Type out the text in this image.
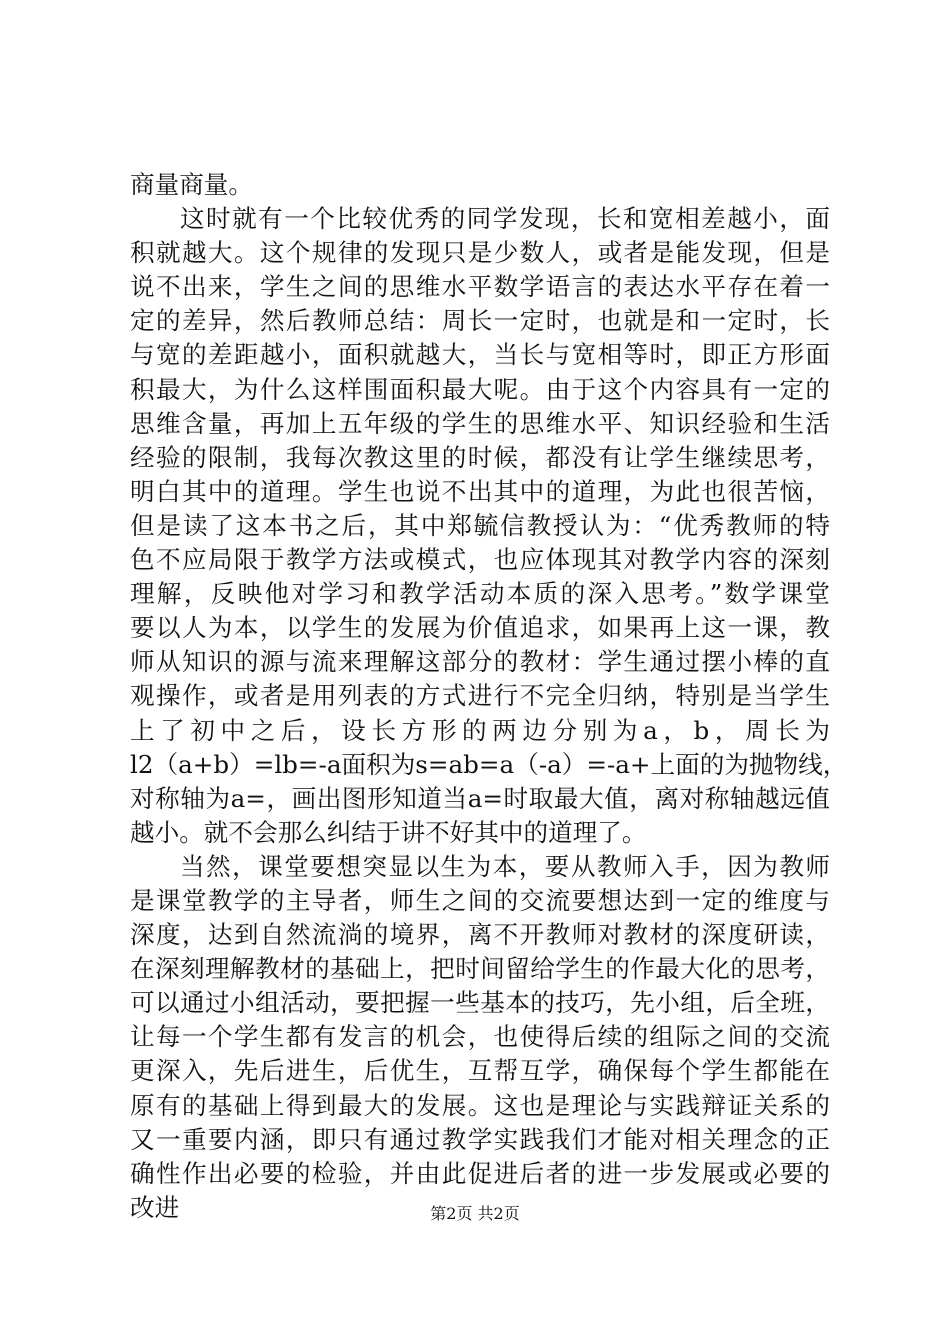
商量商量。
这时就有一个比较优秀的同学发现，长和宽相差越小，面
积就越大。这个规律的发现只是少数人，或者是能发现，但是
说不出来，学生之间的思维水平数学语言的表达水平存在着一
定的差异，然后教师总结：周长一定时，也就是和一定时，长
与宽的差距越小，面积就越大，当长与宽相等时，即正方形面
积最大，为什么这样围面积最大呢。由于这个内容具有一定的
思维含量，再加上五年级的学生的思维水平、知识经验和生活
经验的限制，我每次教这里的时候，都没有让学生继续思考，
明白其中的道理。学生也说不出其中的道理，为此也很苦恼，
但是读了这本书之后，其中郑毓信教授认为：“优秀教师的特
色不应局限于教学方法或模式，也应体现其对教学内容的深刻
理解，反映他对学习和教学活动本质的深入思考。”数学课堂
要以人为本，以学生的发展为价值追求，如果再上这一课，教
师从知识的源与流来理解这部分的教材：学生通过摆小棒的直
观操作，或者是用列表的方式进行不完全归纳，特别是当学生
上了初中之后，设长方形的两边分别为a，b，周长为
l2（a+b）=lb=-a面积为s=ab=a（-a）=-a+上面的为抛物线，
对称轴为a=，画出图形知道当a=时取最大值，离对称轴越远值
越小。就不会那么纠结于讲不好其中的道理了。
当然，课堂要想突显以生为本，要从教师入手，因为教师
是课堂教学的主导者，师生之间的交流要想达到一定的维度与
深度，达到自然流淌的境界，离不开教师对教材的深度研读，
在深刻理解教材的基础上，把时间留给学生的作最大化的思考，
可以通过小组活动，要把握一些基本的技巧，先小组，后全班，
让每一个学生都有发言的机会，也使得后续的组际之间的交流
更深入，先后进生，后优生，互帮互学，确保每个学生都能在
原有的基础上得到最大的发展。这也是理论与实践辩证关系的
又一重要内涵，即只有通过教学实践我们才能对相关理念的正
确性作出必要的检验，并由此促进后者的进一步发展或必要的
改进	第2页 共2页
